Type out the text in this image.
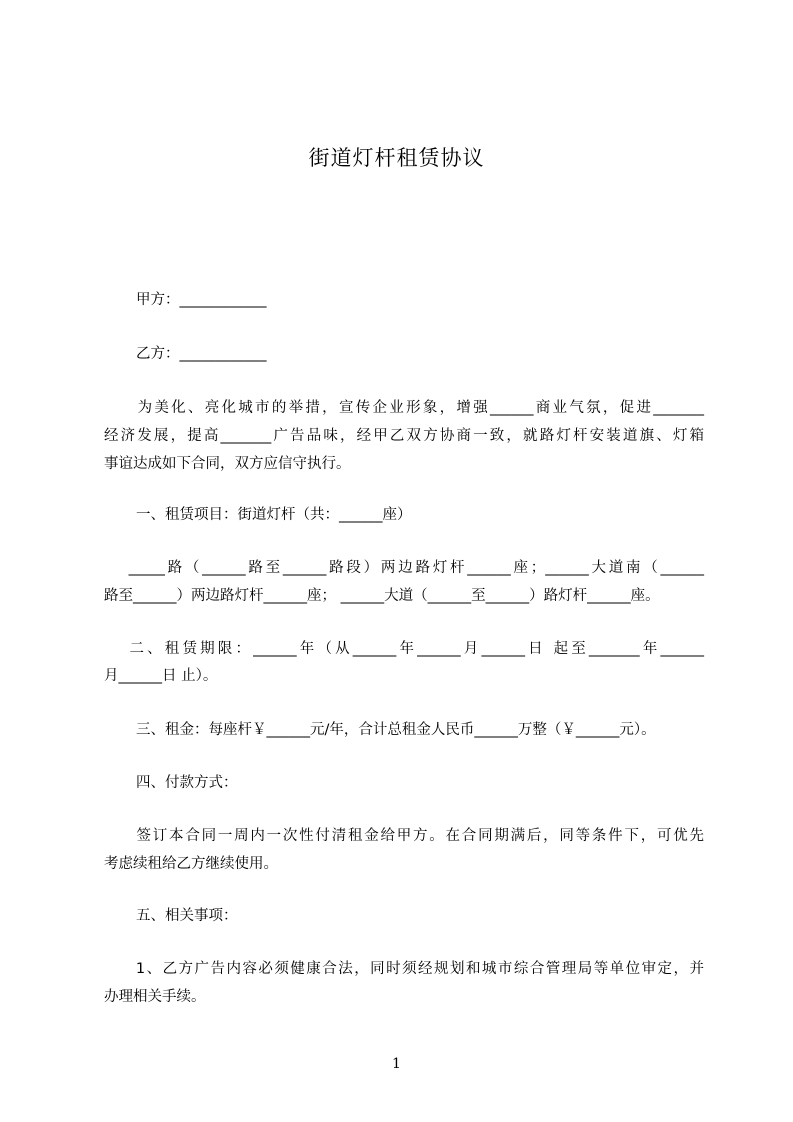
街道灯杆租赁协议
甲方：____________
乙方：____________
　　为美化、亮化城市的举措，宣传企业形象，增强______商业气氛，促进_______
经济发展，提高_______广告品味，经甲乙双方协商一致，就路灯杆安装道旗、灯箱
事谊达成如下合同，双方应信守执行。
一、租赁项目：街道灯杆（共：______座）
　 _____路（______路至______路段）两边路灯杆______座；______大道南（______
路至______）两边路灯杆______座； ______大道（______至______）路灯杆______座。
　 二、租赁期限：______年（从______年______月______日 起至_______年______
月______日 止）。
三、租金：每座杆￥______元/年，合计总租金人民币______万整（￥______元）。
四、付款方式：
　　签订本合同一周内一次性付清租金给甲方。在合同期满后，同等条件下，可优先
考虑续租给乙方继续使用。
五、相关事项：
　　1、乙方广告内容必须健康合法，同时须经规划和城市综合管理局等单位审定，并
办理相关手续。
1
